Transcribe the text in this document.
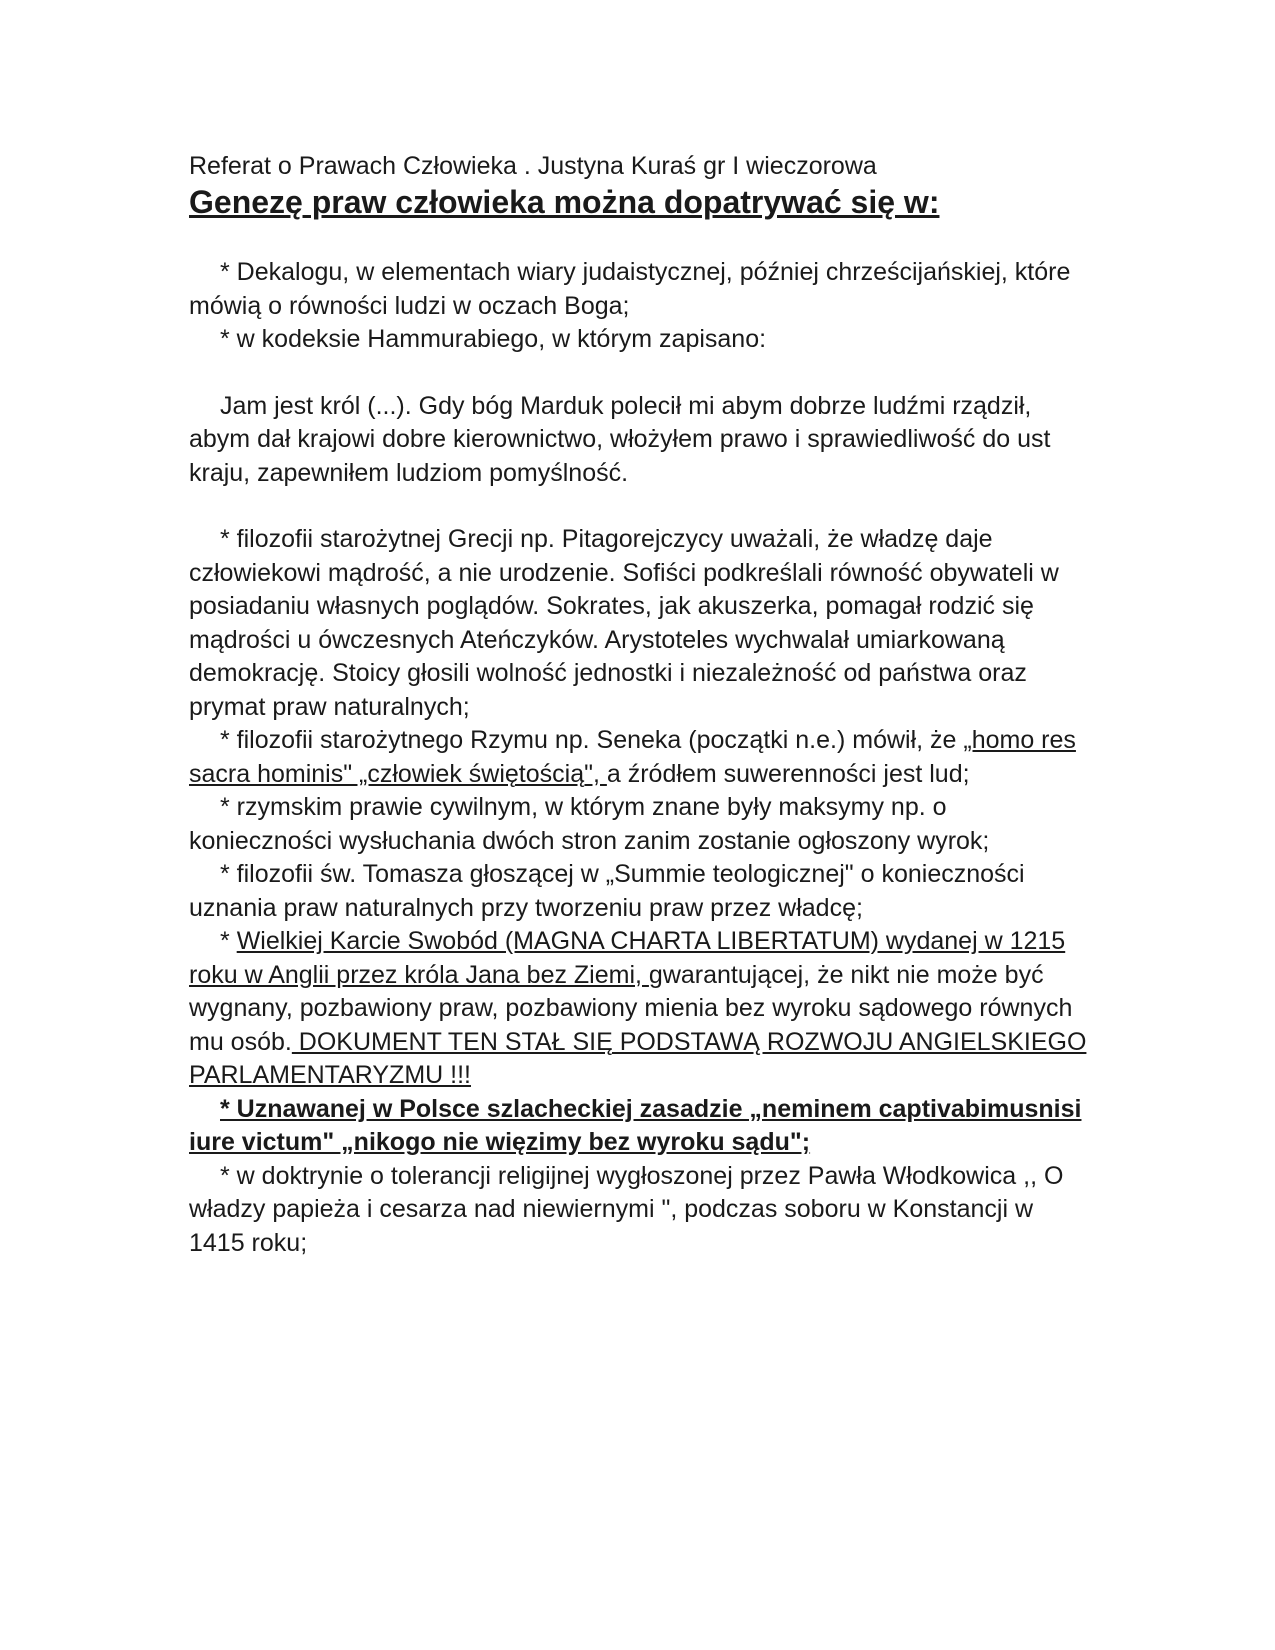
Referat o Prawach Człowieka . Justyna Kuraś gr I wieczorowa

Genezę praw człowieka można dopatrywać się w:

* Dekalogu, w elementach wiary judaistycznej, później chrześcijańskiej, które mówią o równości ludzi w oczach Boga;

* w kodeksie Hammurabiego, w którym zapisano:

Jam jest król (...). Gdy bóg Marduk polecił mi abym dobrze ludźmi rządził, abym dał krajowi dobre kierownictwo, włożyłem prawo i sprawiedliwość do ust kraju, zapewniłem ludziom pomyślność.

* filozofii starożytnej Grecji np. Pitagorejczycy uważali, że władzę daje człowiekowi mądrość, a nie urodzenie. Sofiści podkreślali równość obywateli w posiadaniu własnych poglądów. Sokrates, jak akuszerka, pomagał rodzić się mądrości u ówczesnych Ateńczyków. Arystoteles wychwalał umiarkowaną demokrację. Stoicy głosili wolność jednostki i niezależność od państwa oraz prymat praw naturalnych;

* filozofii starożytnego Rzymu np. Seneka (początki n.e.) mówił, że „homo res sacra hominis" „człowiek świętością", a źródłem suwerenności jest lud;

* rzymskim prawie cywilnym, w którym znane były maksymy np. o konieczności wysłuchania dwóch stron zanim zostanie ogłoszony wyrok;

* filozofii św. Tomasza głoszącej w „Summie teologicznej" o konieczności uznania praw naturalnych przy tworzeniu praw przez władcę;

* Wielkiej Karcie Swobód (MAGNA CHARTA LIBERTATUM) wydanej w 1215 roku w Anglii przez króla Jana bez Ziemi, gwarantującej, że nikt nie może być wygnany, pozbawiony praw, pozbawiony mienia bez wyroku sądowego równych mu osób. DOKUMENT TEN STAŁ SIĘ PODSTAWĄ ROZWOJU ANGIELSKIEGO PARLAMENTARYZMU !!!

* Uznawanej w Polsce szlacheckiej zasadzie „neminem captivabimusnisi iure victum" „nikogo nie więzimy bez wyroku sądu";

* w doktrynie o tolerancji religijnej wygłoszonej przez Pawła Włodkowica ,, O władzy papieża i cesarza nad niewiernymi ", podczas soboru w Konstancji w 1415 roku;
